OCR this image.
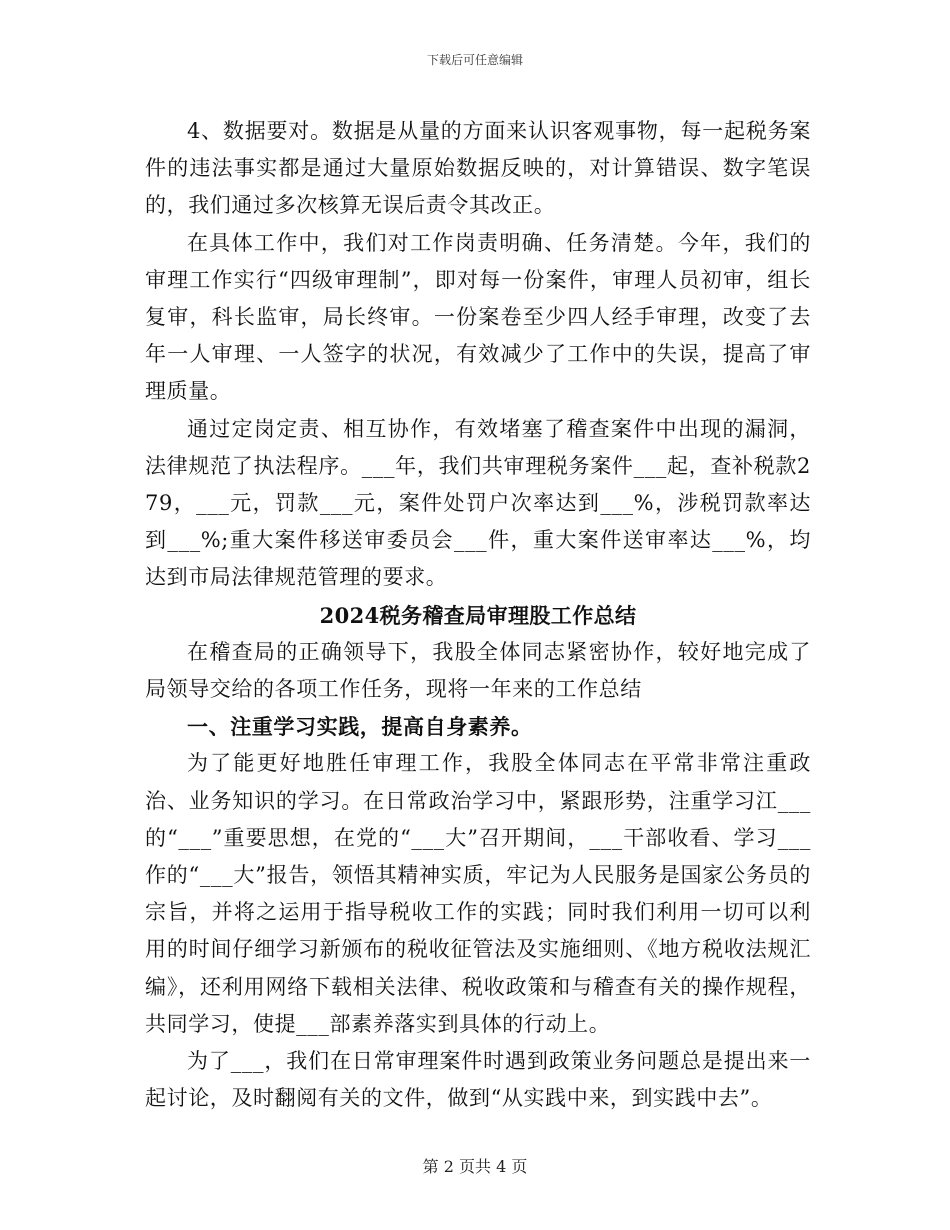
下载后可任意编辑

4、数据要对。数据是从量的方面来认识客观事物，每一起税务案件的违法事实都是通过大量原始数据反映的，对计算错误、数字笔误的，我们通过多次核算无误后责令其改正。

在具体工作中，我们对工作岗责明确、任务清楚。今年，我们的审理工作实行“四级审理制”，即对每一份案件，审理人员初审，组长复审，科长监审，局长终审。一份案卷至少四人经手审理，改变了去年一人审理、一人签字的状况，有效减少了工作中的失误，提高了审理质量。

通过定岗定责、相互协作，有效堵塞了稽查案件中出现的漏洞，法律规范了执法程序。___年，我们共审理税务案件___起，查补税款279，___元，罚款___元，案件处罚户次率达到___%，涉税罚款率达到___%;重大案件移送审委员会___件，重大案件送审率达___%，均达到市局法律规范管理的要求。

2024税务稽查局审理股工作总结

在稽查局的正确领导下，我股全体同志紧密协作，较好地完成了局领导交给的各项工作任务，现将一年来的工作总结

一、注重学习实践，提高自身素养。

为了能更好地胜任审理工作，我股全体同志在平常非常注重政治、业务知识的学习。在日常政治学习中，紧跟形势，注重学习江___的“___”重要思想，在党的“___大”召开期间，___干部收看、学习___作的“___大”报告，领悟其精神实质，牢记为人民服务是国家公务员的宗旨，并将之运用于指导税收工作的实践；同时我们利用一切可以利用的时间仔细学习新颁布的税收征管法及实施细则、《地方税收法规汇编》，还利用网络下载相关法律、税收政策和与稽查有关的操作规程，共同学习，使提___部素养落实到具体的行动上。

为了___，我们在日常审理案件时遇到政策业务问题总是提出来一起讨论，及时翻阅有关的文件，做到“从实践中来，到实践中去”。

第 2 页共 4 页
